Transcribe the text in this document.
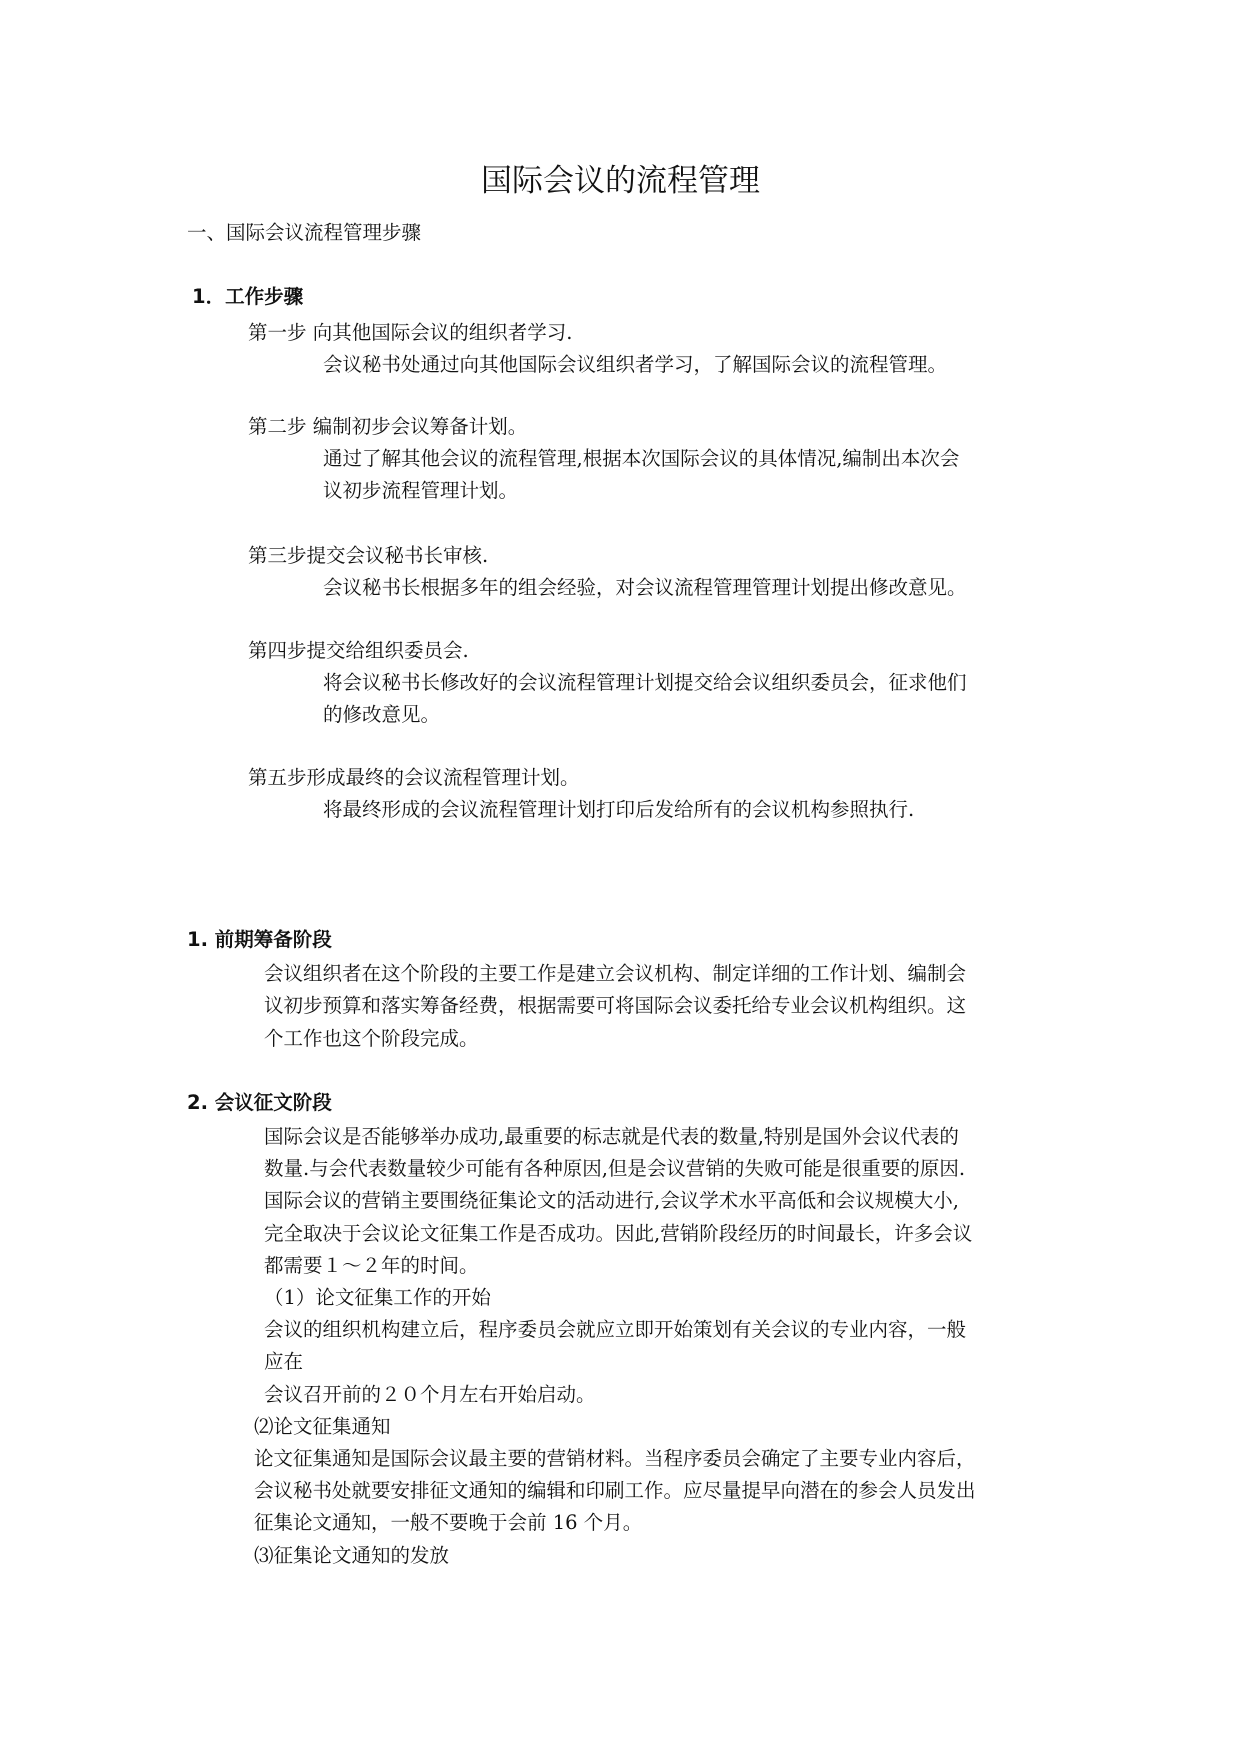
国际会议的流程管理
一、国际会议流程管理步骤
1．工作步骤
第一步 向其他国际会议的组织者学习.
会议秘书处通过向其他国际会议组织者学习，了解国际会议的流程管理。
第二步 编制初步会议筹备计划。
通过了解其他会议的流程管理,根据本次国际会议的具体情况,编制出本次会
议初步流程管理计划。
第三步提交会议秘书长审核.
会议秘书长根据多年的组会经验，对会议流程管理管理计划提出修改意见。
第四步提交给组织委员会.
将会议秘书长修改好的会议流程管理计划提交给会议组织委员会，征求他们
的修改意见。
第五步形成最终的会议流程管理计划。
将最终形成的会议流程管理计划打印后发给所有的会议机构参照执行.
1. 前期筹备阶段
会议组织者在这个阶段的主要工作是建立会议机构、制定详细的工作计划、编制会
议初步预算和落实筹备经费，根据需要可将国际会议委托给专业会议机构组织。这
个工作也这个阶段完成。
2. 会议征文阶段
国际会议是否能够举办成功,最重要的标志就是代表的数量,特别是国外会议代表的
数量.与会代表数量较少可能有各种原因,但是会议营销的失败可能是很重要的原因.
国际会议的营销主要围绕征集论文的活动进行,会议学术水平高低和会议规模大小,
完全取决于会议论文征集工作是否成功。因此,营销阶段经历的时间最长，许多会议
都需要１～２年的时间。
（1）论文征集工作的开始
会议的组织机构建立后，程序委员会就应立即开始策划有关会议的专业内容，一般
应在
会议召开前的２０个月左右开始启动。
⑵论文征集通知
论文征集通知是国际会议最主要的营销材料。当程序委员会确定了主要专业内容后，
会议秘书处就要安排征文通知的编辑和印刷工作。应尽量提早向潜在的参会人员发出
征集论文通知，一般不要晚于会前 16 个月。
⑶征集论文通知的发放
